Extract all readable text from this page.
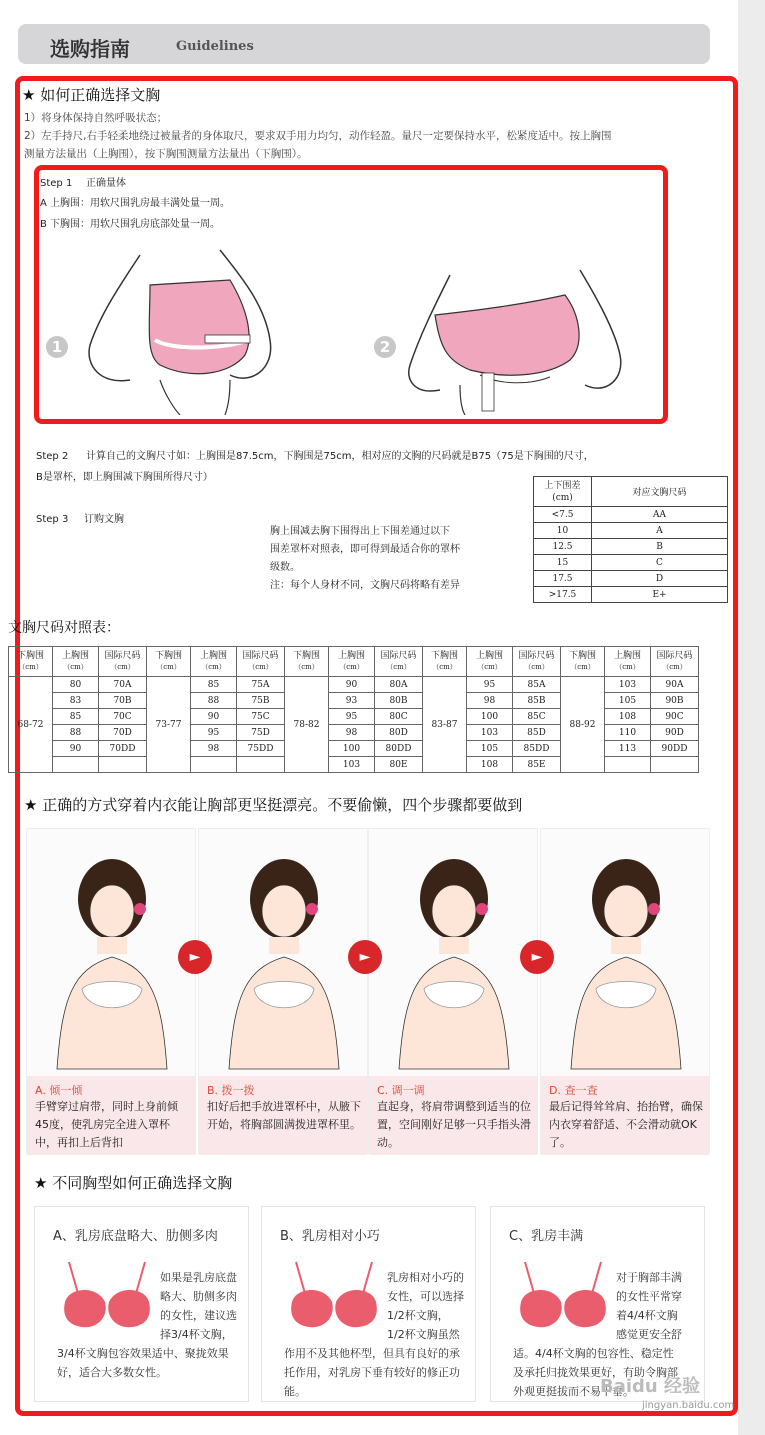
选购指南	Guidelines
★ 如何正确选择文胸
1）将身体保持自然呼吸状态；
2）左手持尺,右手轻柔地绕过被量者的身体取尺，要求双手用力均匀，动作轻盈。量尺一定要保持水平，松紧度适中。按上胸围
测量方法量出（上胸围），按下胸围测量方法量出（下胸围）。
Step 1 正确量体
A 上胸围：用软尺围乳房最丰满处量一周。
B 下胸围：用软尺围乳房底部处量一周。
1	2
Step 2 计算自己的文胸尺寸如：上胸围是87.5cm，下胸围是75cm，相对应的文胸的尺码就是B75（75是下胸围的尺寸，
B是罩杯，即上胸围减下胸围所得尺寸）
Step 3 订购文胸
胸上围减去胸下围得出上下围差通过以下
围差罩杯对照表，即可得到最适合你的罩杯
级数。
注：每个人身材不同，文胸尺码将略有差异
上下围差
(cm)	对应文胸尺码
<7.5	AA
10	A
12.5	B
15	C
17.5	D
>17.5	E+
文胸尺码对照表：
下胸围
（cm）	上胸围
（cm）	国际尺码
（cm）	下胸围
（cm）	上胸围
（cm）	国际尺码
（cm）	下胸围
（cm）	上胸围
（cm）	国际尺码
（cm）	下胸围
（cm）	上胸围
（cm）	国际尺码
（cm）	下胸围
（cm）	上胸围
（cm）	国际尺码
（cm）
68-72	80	70A	73-77	85	75A	78-82	90	80A	83-87	95	85A	88-92	103	90A
	83	70B		88	75B		93	80B		98	85B		105	90B
	85	70C		90	75C		95	80C		100	85C		108	90C
	88	70D		95	75D		98	80D		103	85D		110	90D
	90	70DD		98	75DD		100	80DD		105	85DD		113	90DD
							103	80E		108	85E			
★ 正确的方式穿着内衣能让胸部更坚挺漂亮。不要偷懒，四个步骤都要做到
A. 倾一倾
手臂穿过肩带，同时上身前倾45度，使乳房完全进入罩杯中，再扣上后背扣
B. 拨一拨
扣好后把手放进罩杯中，从腋下开始，将胸部圆满拨进罩杯里。
C. 调一调
直起身，将肩带调整到适当的位置，空间刚好足够一只手指头滑动。
D. 查一查
最后记得耸耸肩、抬抬臂，确保内衣穿着舒适、不会滑动就OK了。
►	►	►
★ 不同胸型如何正确选择文胸
A、乳房底盘略大、肋侧多肉
如果是乳房底盘
略大、肋侧多肉
的女性，建议选
择3/4杯文胸，
3/4杯文胸包容效果适中、聚拢效果
好，适合大多数女性。
B、乳房相对小巧
乳房相对小巧的
女性，可以选择
1/2杯文胸，
1/2杯文胸虽然
作用不及其他杯型，但具有良好的承
托作用，对乳房下垂有较好的修正功
能。
C、乳房丰满
对于胸部丰满
的女性平常穿
着4/4杯文胸
感觉更安全舒
适。4/4杯文胸的包容性、稳定性
及承托归拢效果更好，有助令胸部
外观更挺拔而不易下垂。
Baidu 经验
jingyan.baidu.com
